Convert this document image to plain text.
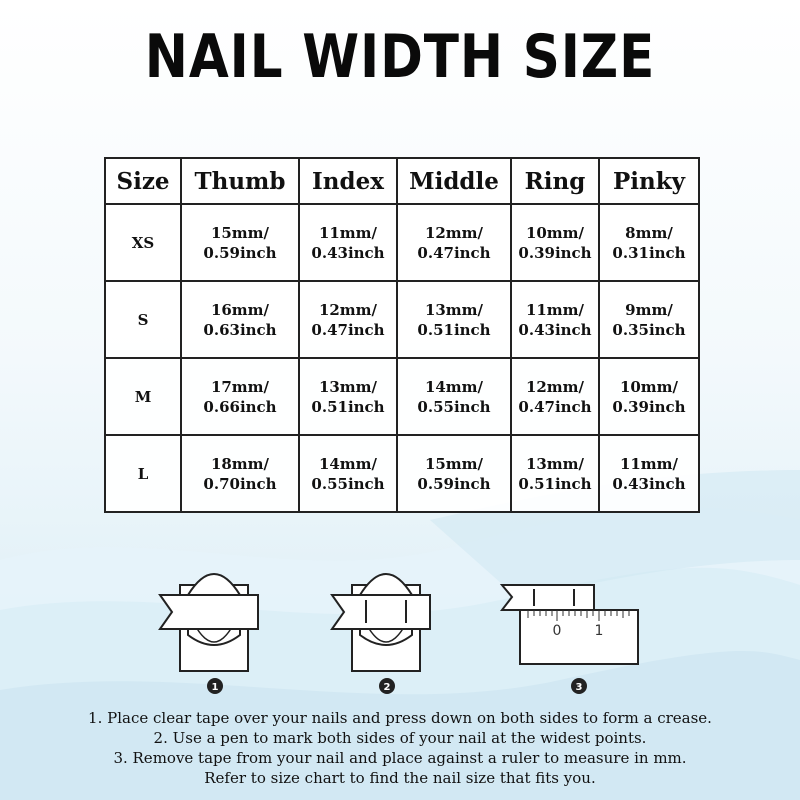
NAIL WIDTH SIZE
Size	Thumb	Index	Middle	Ring	Pinky
XS	15mm/
0.59inch	11mm/
0.43inch	12mm/
0.47inch	10mm/
0.39inch	8mm/
0.31inch

S	16mm/
0.63inch	12mm/
0.47inch	13mm/
0.51inch	11mm/
0.43inch	9mm/
0.35inch

M	17mm/
0.66inch	13mm/
0.51inch	14mm/
0.55inch	12mm/
0.47inch	10mm/
0.39inch

L	18mm/
0.70inch	14mm/
0.55inch	15mm/
0.59inch	13mm/
0.51inch	11mm/
0.43inch
1	2
0 1
3
1. Place clear tape over your nails and press down on both sides to form a crease.
2. Use a pen to mark both sides of your nail at the widest points.
3. Remove tape from your nail and place against a ruler to measure in mm.
Refer to size chart to find the nail size that fits you.
